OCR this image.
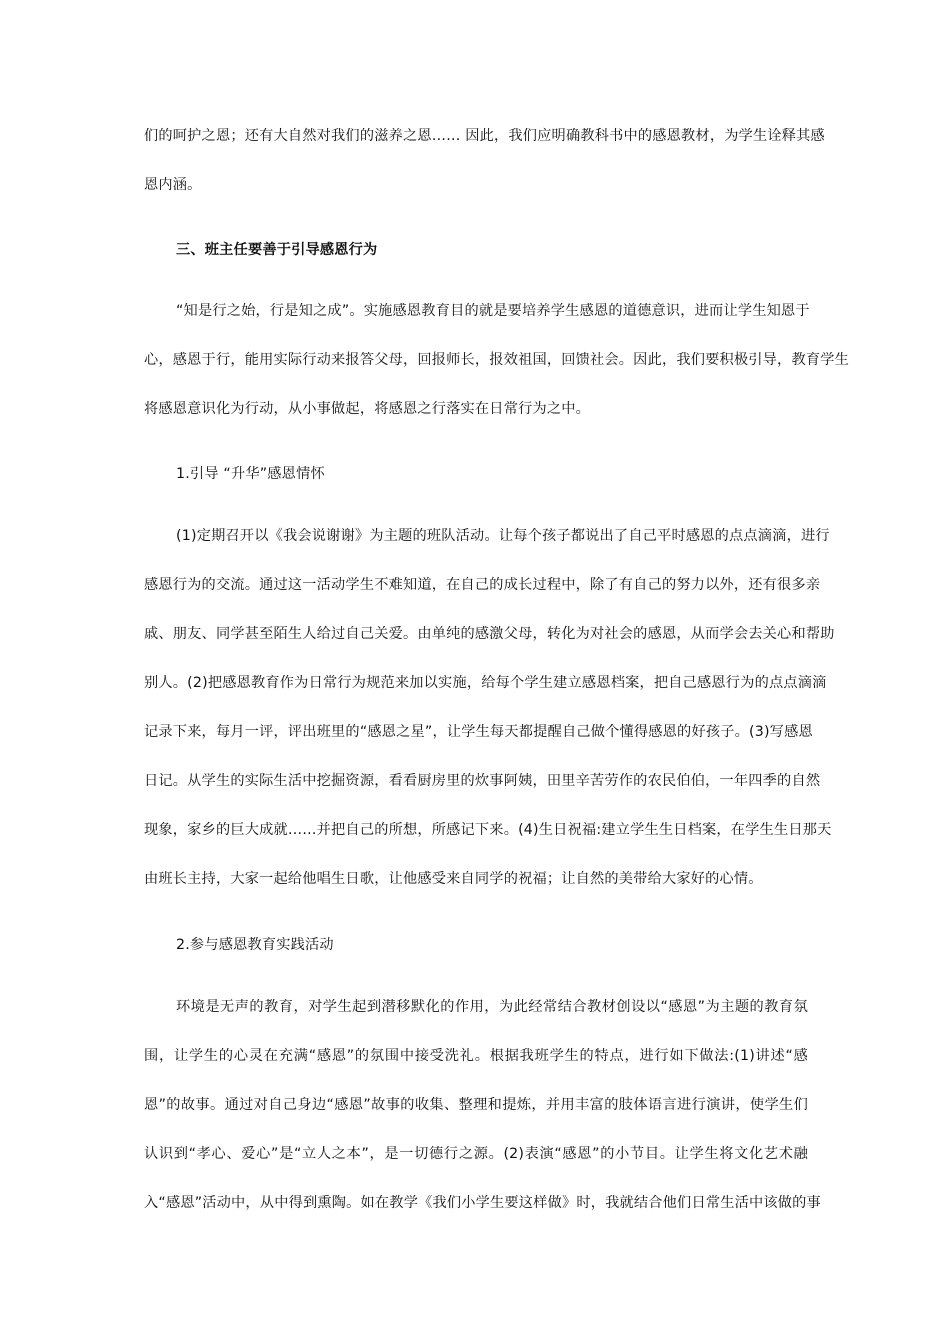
们的呵护之恩；还有大自然对我们的滋养之恩…… 因此，我们应明确教科书中的感恩教材，为学生诠释其感
恩内涵。
三、班主任要善于引导感恩行为
“知是行之始，行是知之成”。实施感恩教育目的就是要培养学生感恩的道德意识，进而让学生知恩于
心，感恩于行，能用实际行动来报答父母，回报师长，报效祖国，回馈社会。因此，我们要积极引导，教育学生
将感恩意识化为行动，从小事做起，将感恩之行落实在日常行为之中。
1.引导 “升华”感恩情怀
(1)定期召开以《我会说谢谢》为主题的班队活动。让每个孩子都说出了自己平时感恩的点点滴滴，进行
感恩行为的交流。通过这一活动学生不难知道，在自己的成长过程中，除了有自己的努力以外，还有很多亲
戚、朋友、同学甚至陌生人给过自己关爱。由单纯的感激父母，转化为对社会的感恩，从而学会去关心和帮助
别人。(2)把感恩教育作为日常行为规范来加以实施，给每个学生建立感恩档案，把自己感恩行为的点点滴滴
记录下来，每月一评，评出班里的“感恩之星”，让学生每天都提醒自己做个懂得感恩的好孩子。(3)写感恩
日记。从学生的实际生活中挖掘资源，看看厨房里的炊事阿姨，田里辛苦劳作的农民伯伯，一年四季的自然
现象，家乡的巨大成就……并把自己的所想，所感记下来。(4)生日祝福:建立学生生日档案，在学生生日那天
由班长主持，大家一起给他唱生日歌，让他感受来自同学的祝福；让自然的美带给大家好的心情。
2.参与感恩教育实践活动
环境是无声的教育，对学生起到潜移默化的作用，为此经常结合教材创设以“感恩”为主题的教育氛
围，让学生的心灵在充满“感恩”的氛围中接受洗礼。根据我班学生的特点，进行如下做法:(1)讲述“感
恩”的故事。通过对自己身边“感恩”故事的收集、整理和提炼，并用丰富的肢体语言进行演讲，使学生们
认识到“孝心、爱心”是“立人之本”，是一切德行之源。(2)表演“感恩”的小节目。让学生将文化艺术融
入“感恩”活动中，从中得到熏陶。如在教学《我们小学生要这样做》时，我就结合他们日常生活中该做的事
